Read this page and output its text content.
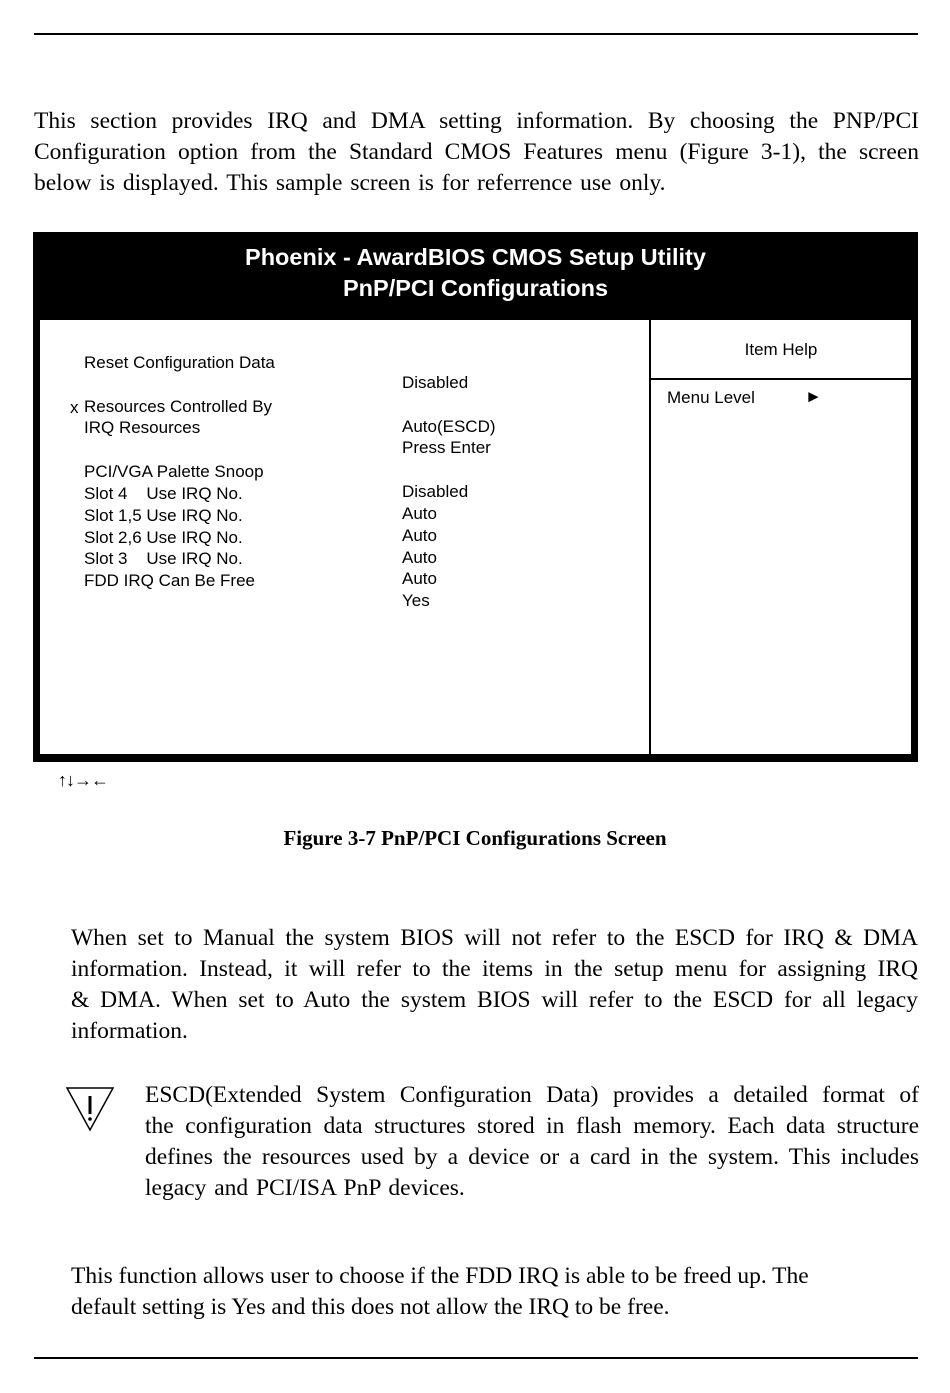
This section provides IRQ and DMA setting information. By choosing the PNP/PCI
Configuration option from the Standard CMOS Features menu (Figure 3-1), the screen
below is displayed. This sample screen is for referrence use only.
Phoenix - AwardBIOS CMOS Setup Utility
PnP/PCI Configurations

Reset Configuration Data

Disabled

Resources Controlled By

Auto(ESCD)

x

IRQ Resources

Press Enter

PCI/VGA Palette Snoop

Disabled

Slot 4    Use IRQ No.

Auto

Slot 1,5 Use IRQ No.

Auto

Slot 2,6 Use IRQ No.

Auto

Slot 3    Use IRQ No.

Auto

FDD IRQ Can Be Free

Yes

Item Help
Menu Level	►
↑↓→←
Figure 3-7 PnP/PCI Configurations Screen
When set to Manual the system BIOS will not refer to the ESCD for IRQ & DMA
information. Instead, it will refer to the items in the setup menu for assigning IRQ
& DMA. When set to Auto the system BIOS will refer to the ESCD for all legacy
information.
ESCD(Extended System Configuration Data) provides a detailed format of
the configuration data structures stored in flash memory. Each data structure
defines the resources used by a device or a card in the system. This includes
legacy and PCI/ISA PnP devices.
This function allows user to choose if the FDD IRQ is able to be freed up. The
default setting is Yes and this does not allow the IRQ to be free.
